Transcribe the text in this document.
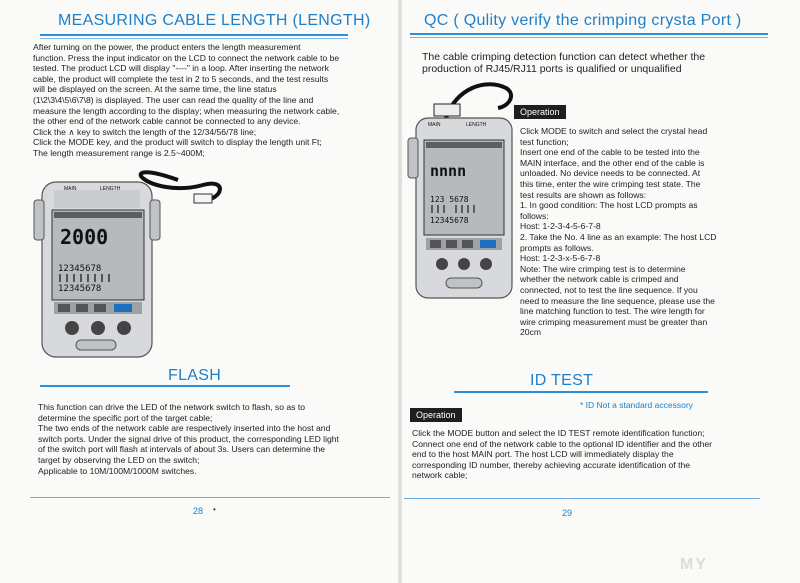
MEASURING CABLE LENGTH (LENGTH)

After turning on the power, the product enters the length measurement

function. Press the input indicator on the LCD to connect the network cable to be

tested. The product LCD will display "----" in a loop. After inserting the network

cable, the product will complete the test in 2 to 5 seconds, and the test results

will be displayed on the screen. At the same time, the line status

(1\2\3\4\5\6\7\8) is displayed. The user can read the quality of the line and

measure the length according to the display; when measuring the network cable,

the other end of the network cable cannot be connected to any device.

Click the ∧ key to switch the length of the 12/34/56/78 line;

Click the MODE key, and the product will switch to display the length unit Ft;

The length measurement range is 2.5~400M;

MAIN	LENGTH
2000
12345678
12345678
FLASH

This function can drive the LED of the network switch to flash, so as to

determine the specific port of the target cable;

The two ends of the network cable are respectively inserted into the host and

switch ports. Under the signal drive of this product, the corresponding LED light

of the switch port will flash at intervals of about 3s. Users can determine the

target by observing the LED on the switch;

Applicable to 10M/100M/1000M switches.

28 •
QC ( Qulity verify the crimping crysta Port )
The cable crimping detection function can detect whether the
production of RJ45/RJ11 ports is qualified or unqualified
MAIN	LENGTH
nnnn
123 5678
12345678
Operation

Click MODE to switch and select the crystal head

test function;

Insert one end of the cable to be tested into the

MAIN interface, and the other end of the cable is

unloaded. No device needs to be connected. At

this time, enter the wire crimping test state. The

test results are shown as follows:

1. In good condition: The host LCD prompts as

follows:

Host: 1-2-3-4-5-6-7-8

2. Take the No. 4 line as an example: The host LCD

prompts as follows.

Host: 1-2-3-x-5-6-7-8

Note: The wire crimping test is to determine

whether the network cable is crimped and

connected, not to test the line sequence. If you

need to measure the line sequence, please use the

line matching function to test. The wire length for

wire crimping measurement must be greater than

20cm

ID TEST
* ID Not a standard accessory
Operation

Click the MODE button and select the ID TEST remote identification function;

Connect one end of the network cable to the optional ID identifier and the other

end to the host MAIN port. The host LCD will immediately display the

corresponding ID number, thereby achieving accurate identification of the

network cable;

29
MY
